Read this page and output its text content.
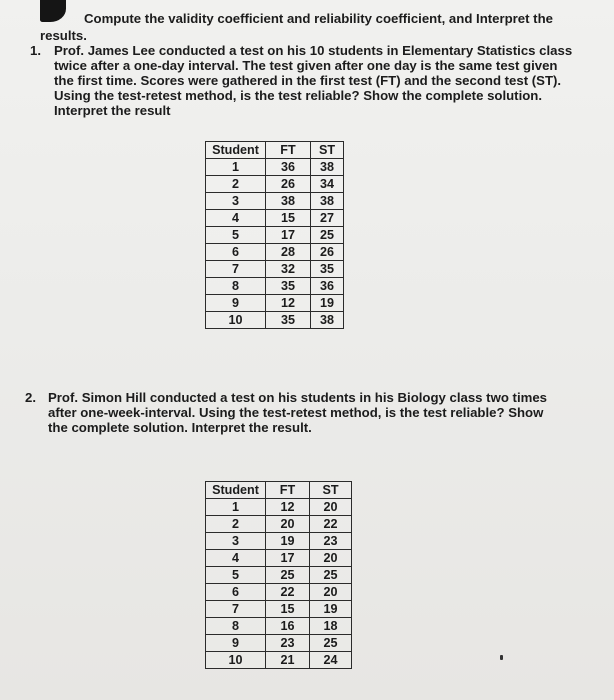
Compute the validity coefficient and reliability coefficient, and Interpret the

results.

1. Prof. James Lee conducted a test on his 10 students in Elementary Statistics class
twice after a one-day interval. The test given after one day is the same test given
the first time. Scores were gathered in the first test (FT) and the second test (ST).
Using the test-retest method, is the test reliable? Show the complete solution.
Interpret the result
Student	FT	ST
1	36	38
2	26	34
3	38	38
4	15	27
5	17	25
6	28	26
7	32	35
8	35	36
9	12	19
10	35	38
2. Prof. Simon Hill conducted a test on his students in his Biology class two times
after one-week-interval. Using the test-retest method, is the test reliable? Show
the complete solution. Interpret the result.
Student	FT	ST
1	12	20
2	20	22
3	19	23
4	17	20
5	25	25
6	22	20
7	15	19
8	16	18
9	23	25
10	21	24
